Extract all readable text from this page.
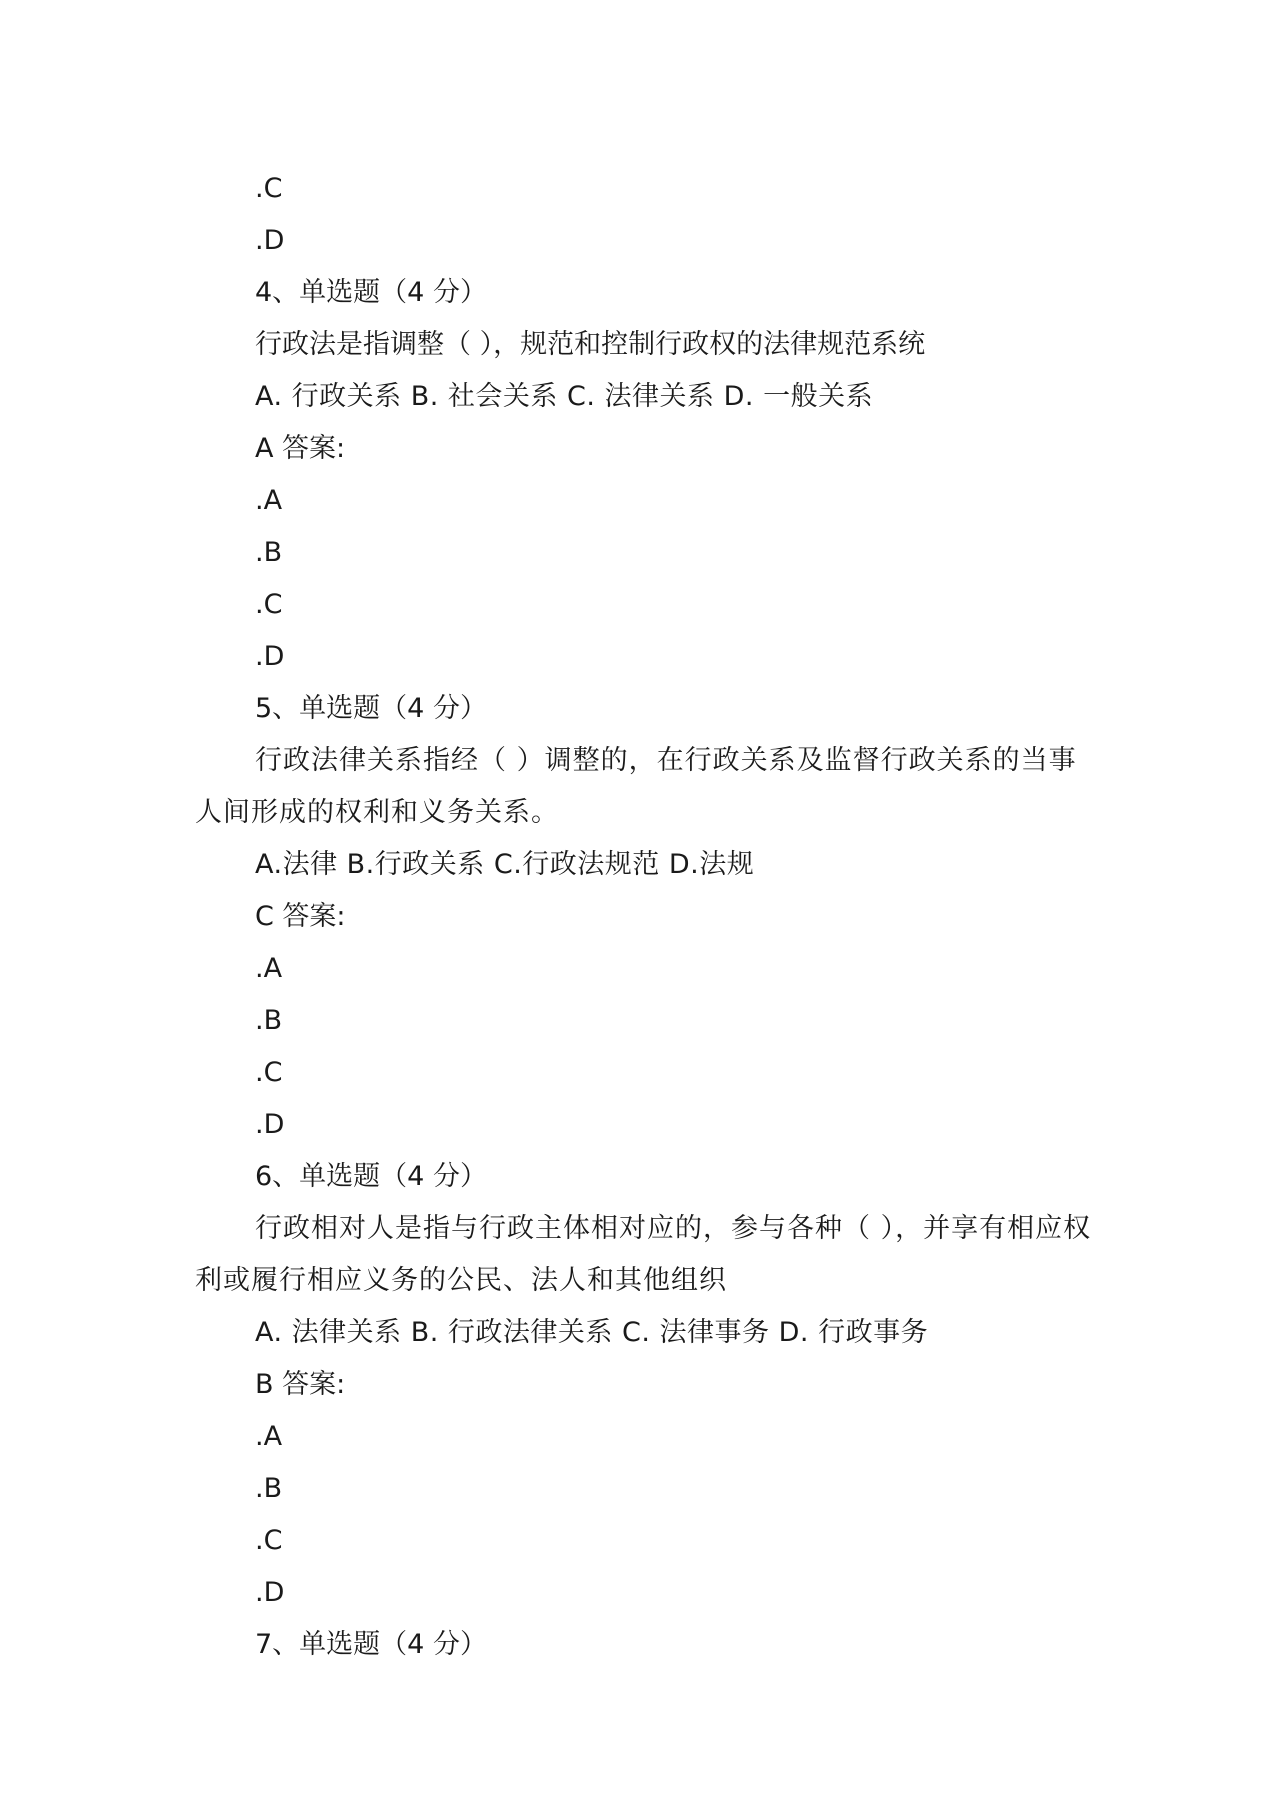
.C
.D
4、单选题（4 分）
行政法是指调整（ ），规范和控制行政权的法律规范系统
A. 行政关系 B. 社会关系 C. 法律关系 D. 一般关系
A 答案:
.A
.B
.C
.D
5、单选题（4 分）
行政法律关系指经（ ）调整的，在行政关系及监督行政关系的当事人间形成的权利和义务关系。
A.法律 B.行政关系 C.行政法规范 D.法规
C 答案:
.A
.B
.C
.D
6、单选题（4 分）
行政相对人是指与行政主体相对应的，参与各种（ ），并享有相应权利或履行相应义务的公民、法人和其他组织
A. 法律关系 B. 行政法律关系 C. 法律事务 D. 行政事务
B 答案:
.A
.B
.C
.D
7、单选题（4 分）
